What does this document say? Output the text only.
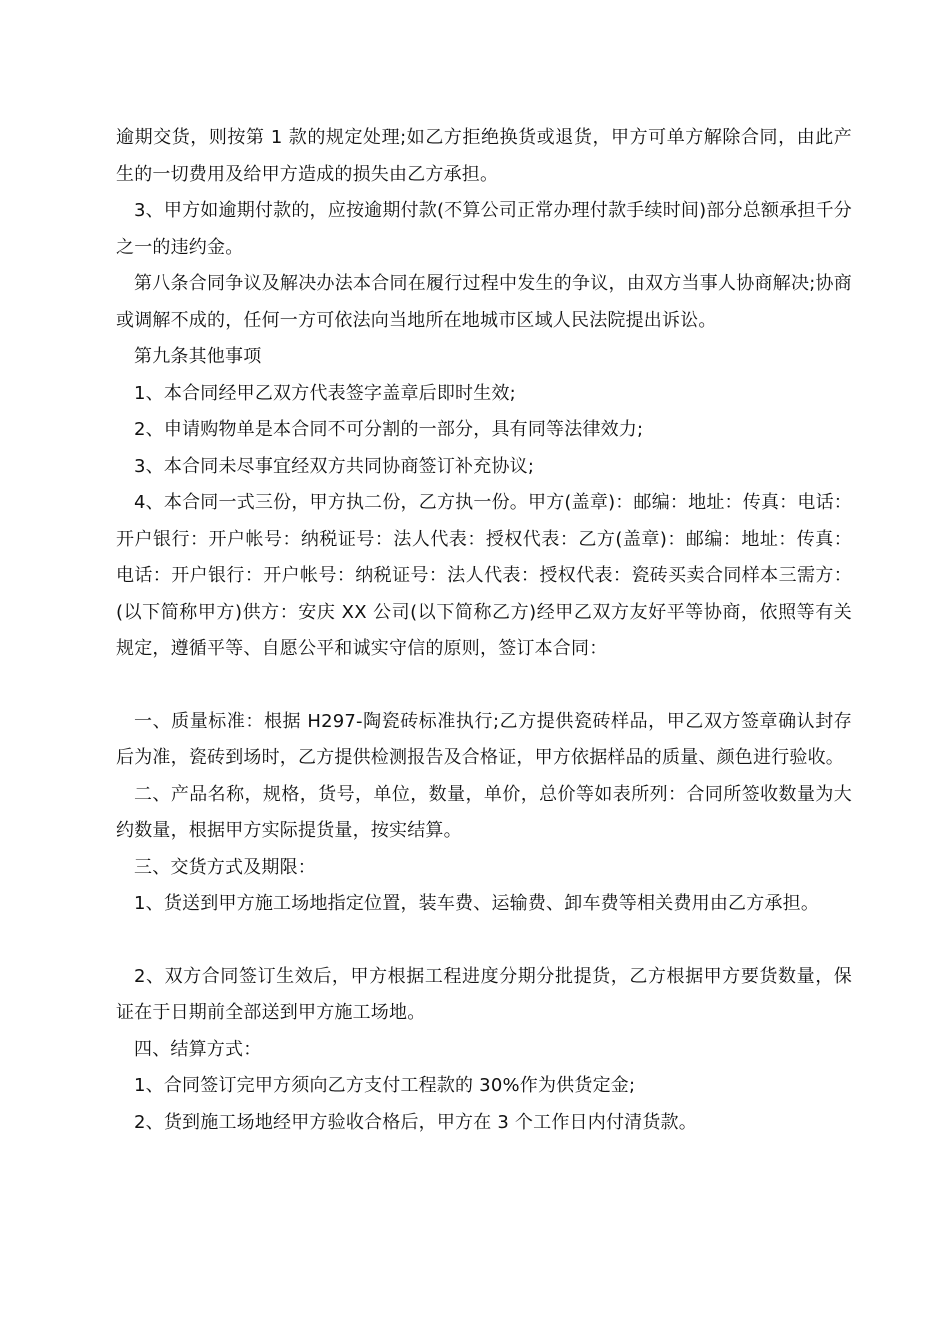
逾期交货，则按第 1 款的规定处理;如乙方拒绝换货或退货，甲方可单方解除合同，由此产生的一切费用及给甲方造成的损失由乙方承担。

3、甲方如逾期付款的，应按逾期付款(不算公司正常办理付款手续时间)部分总额承担千分之一的违约金。

第八条合同争议及解决办法本合同在履行过程中发生的争议，由双方当事人协商解决;协商或调解不成的，任何一方可依法向当地所在地城市区域人民法院提出诉讼。

第九条其他事项

1、本合同经甲乙双方代表签字盖章后即时生效;

2、申请购物单是本合同不可分割的一部分，具有同等法律效力;

3、本合同未尽事宜经双方共同协商签订补充协议;

4、本合同一式三份，甲方执二份，乙方执一份。甲方(盖章)：邮编：地址：传真：电话：开户银行：开户帐号：纳税证号：法人代表：授权代表：乙方(盖章)：邮编：地址：传真：电话：开户银行：开户帐号：纳税证号：法人代表：授权代表：瓷砖买卖合同样本三需方：(以下简称甲方)供方：安庆 XX 公司(以下简称乙方)经甲乙双方友好平等协商，依照等有关规定，遵循平等、自愿公平和诚实守信的原则，签订本合同：

一、质量标准：根据 H297-陶瓷砖标准执行;乙方提供瓷砖样品，甲乙双方签章确认封存后为准，瓷砖到场时，乙方提供检测报告及合格证，甲方依据样品的质量、颜色进行验收。

二、产品名称，规格，货号，单位，数量，单价，总价等如表所列：合同所签收数量为大约数量，根据甲方实际提货量，按实结算。

三、交货方式及期限：

1、货送到甲方施工场地指定位置，装车费、运输费、卸车费等相关费用由乙方承担。

2、双方合同签订生效后，甲方根据工程进度分期分批提货，乙方根据甲方要货数量，保证在于日期前全部送到甲方施工场地。

四、结算方式：

1、合同签订完甲方须向乙方支付工程款的 30%作为供货定金;

2、货到施工场地经甲方验收合格后，甲方在 3 个工作日内付清货款。
